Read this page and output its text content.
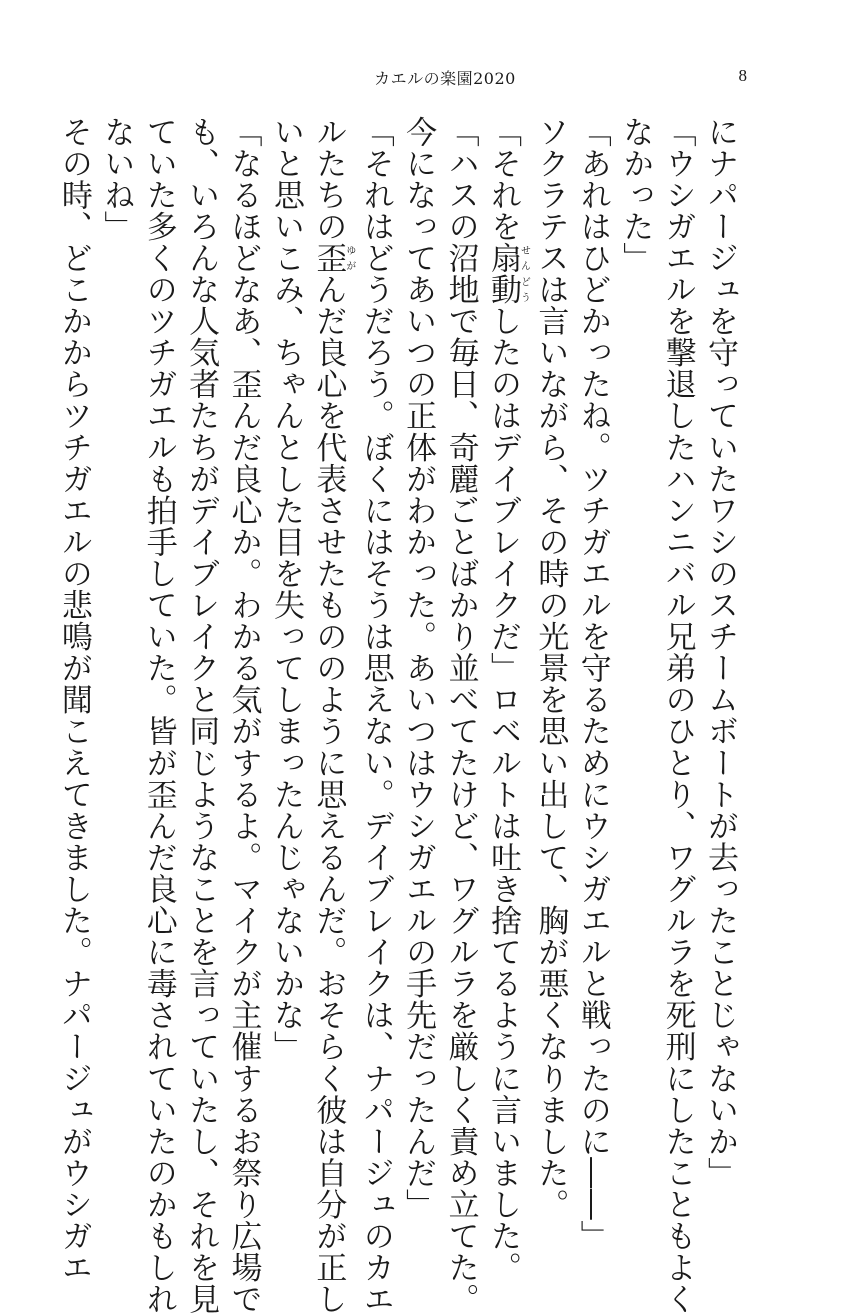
カエルの楽園2020	8

にナパージュを守っていたワシのスチームボートが去ったことじゃないか」

「ウシガエルを撃退したハンニバル兄弟のひとり、ワグルラを死刑にしたこともよく

なかった」

「あれはひどかったね。ツチガエルを守るためにウシガエルと戦ったのに――」

ソクラテスは言いながら、その時の光景を思い出して、胸が悪くなりました。

「それを扇動せんどうしたのはデイブレイクだ」ロベルトは吐き捨てるように言いました。

「ハスの沼地で毎日、奇麗ごとばかり並べてたけど、ワグルラを厳しく責め立てた。

今になってあいつの正体がわかった。あいつはウシガエルの手先だったんだ」

「それはどうだろう。ぼくにはそうは思えない。デイブレイクは、ナパージュのカエ

ルたちの歪ゆがんだ良心を代表させたもののように思えるんだ。おそらく彼は自分が正し

いと思いこみ、ちゃんとした目を失ってしまったんじゃないかな」

「なるほどなあ、歪んだ良心か。わかる気がするよ。マイクが主催するお祭り広場で

も、いろんな人気者たちがデイブレイクと同じようなことを言っていたし、それを見

ていた多くのツチガエルも拍手していた。皆が歪んだ良心に毒されていたのかもしれ

ないね」

その時、どこかからツチガエルの悲鳴が聞こえてきました。ナパージュがウシガエ
